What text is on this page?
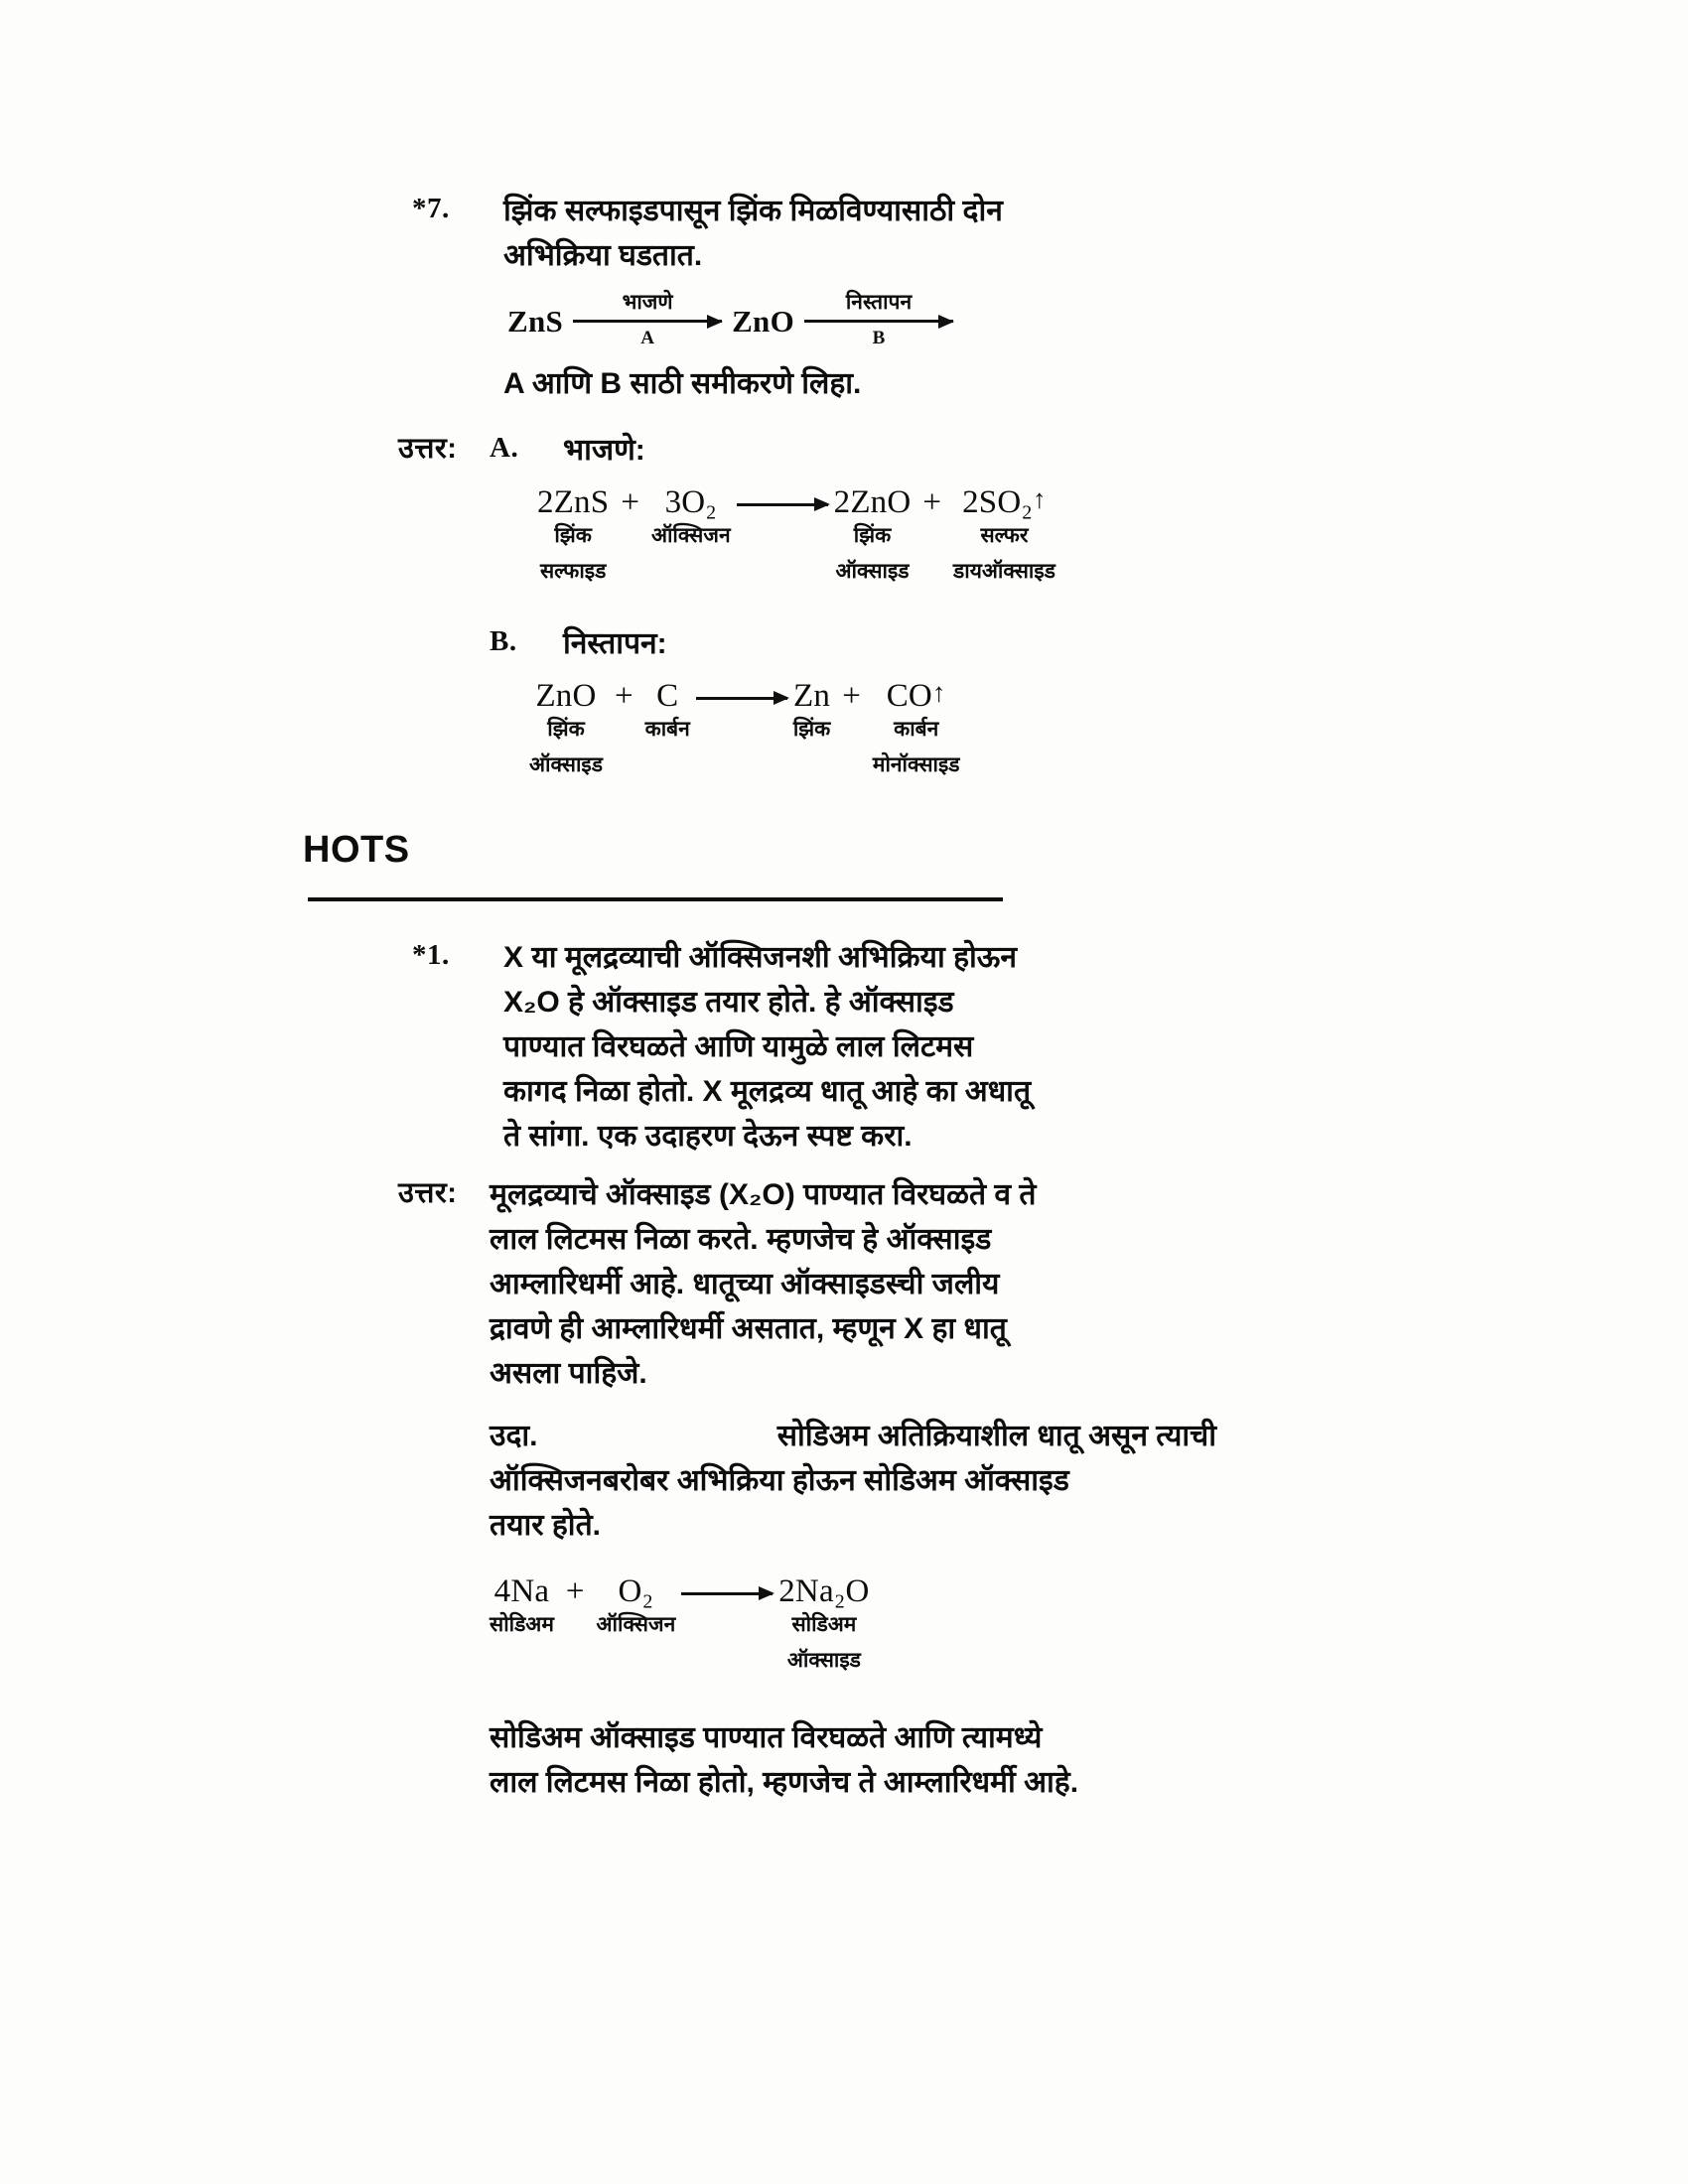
*7.	झिंक सल्फाइडपासून झिंक मिळविण्यासाठी दोन
अभिक्रिया घडतात.
ZnS
भाजणे
A	ZnO
निस्तापन
B
A आणि B साठी समीकरणे लिहा.
उत्तर:	A.	भाजणे:
2ZnS
झिंक
सल्फाइड
+ 3O₂
ऑक्सिजन
2ZnO
झिंक
ऑक्साइड
+ 2SO₂↑
सल्फर
डायऑक्साइड
B.	निस्तापन:
ZnO
झिंक
ऑक्साइड
+ C
कार्बन
Zn
झिंक
+ CO↑
कार्बन
मोनॉक्साइड
HOTS
*1.	X या मूलद्रव्याची ऑक्सिजनशी अभिक्रिया होऊन
X₂O हे ऑक्साइड तयार होते. हे ऑक्साइड
पाण्यात विरघळते आणि यामुळे लाल लिटमस
कागद निळा होतो. X मूलद्रव्य धातू आहे का अधातू
ते सांगा. एक उदाहरण देऊन स्पष्ट करा.
उत्तर:	मूलद्रव्याचे ऑक्साइड (X₂O) पाण्यात विरघळते व ते
लाल लिटमस निळा करते. म्हणजेच हे ऑक्साइड
आम्लारिधर्मी आहे. धातूच्या ऑक्साइडस्ची जलीय
द्रावणे ही आम्लारिधर्मी असतात, म्हणून X हा धातू
असला पाहिजे.
उदा.	सोडिअम अतिक्रियाशील धातू असून त्याची
ऑक्सिजनबरोबर अभिक्रिया होऊन सोडिअम ऑक्साइड
तयार होते.
4Na
सोडिअम
+	O₂
ऑक्सिजन
2Na₂O
सोडिअम
ऑक्साइड
सोडिअम ऑक्साइड पाण्यात विरघळते आणि त्यामध्ये
लाल लिटमस निळा होतो, म्हणजेच ते आम्लारिधर्मी आहे.
